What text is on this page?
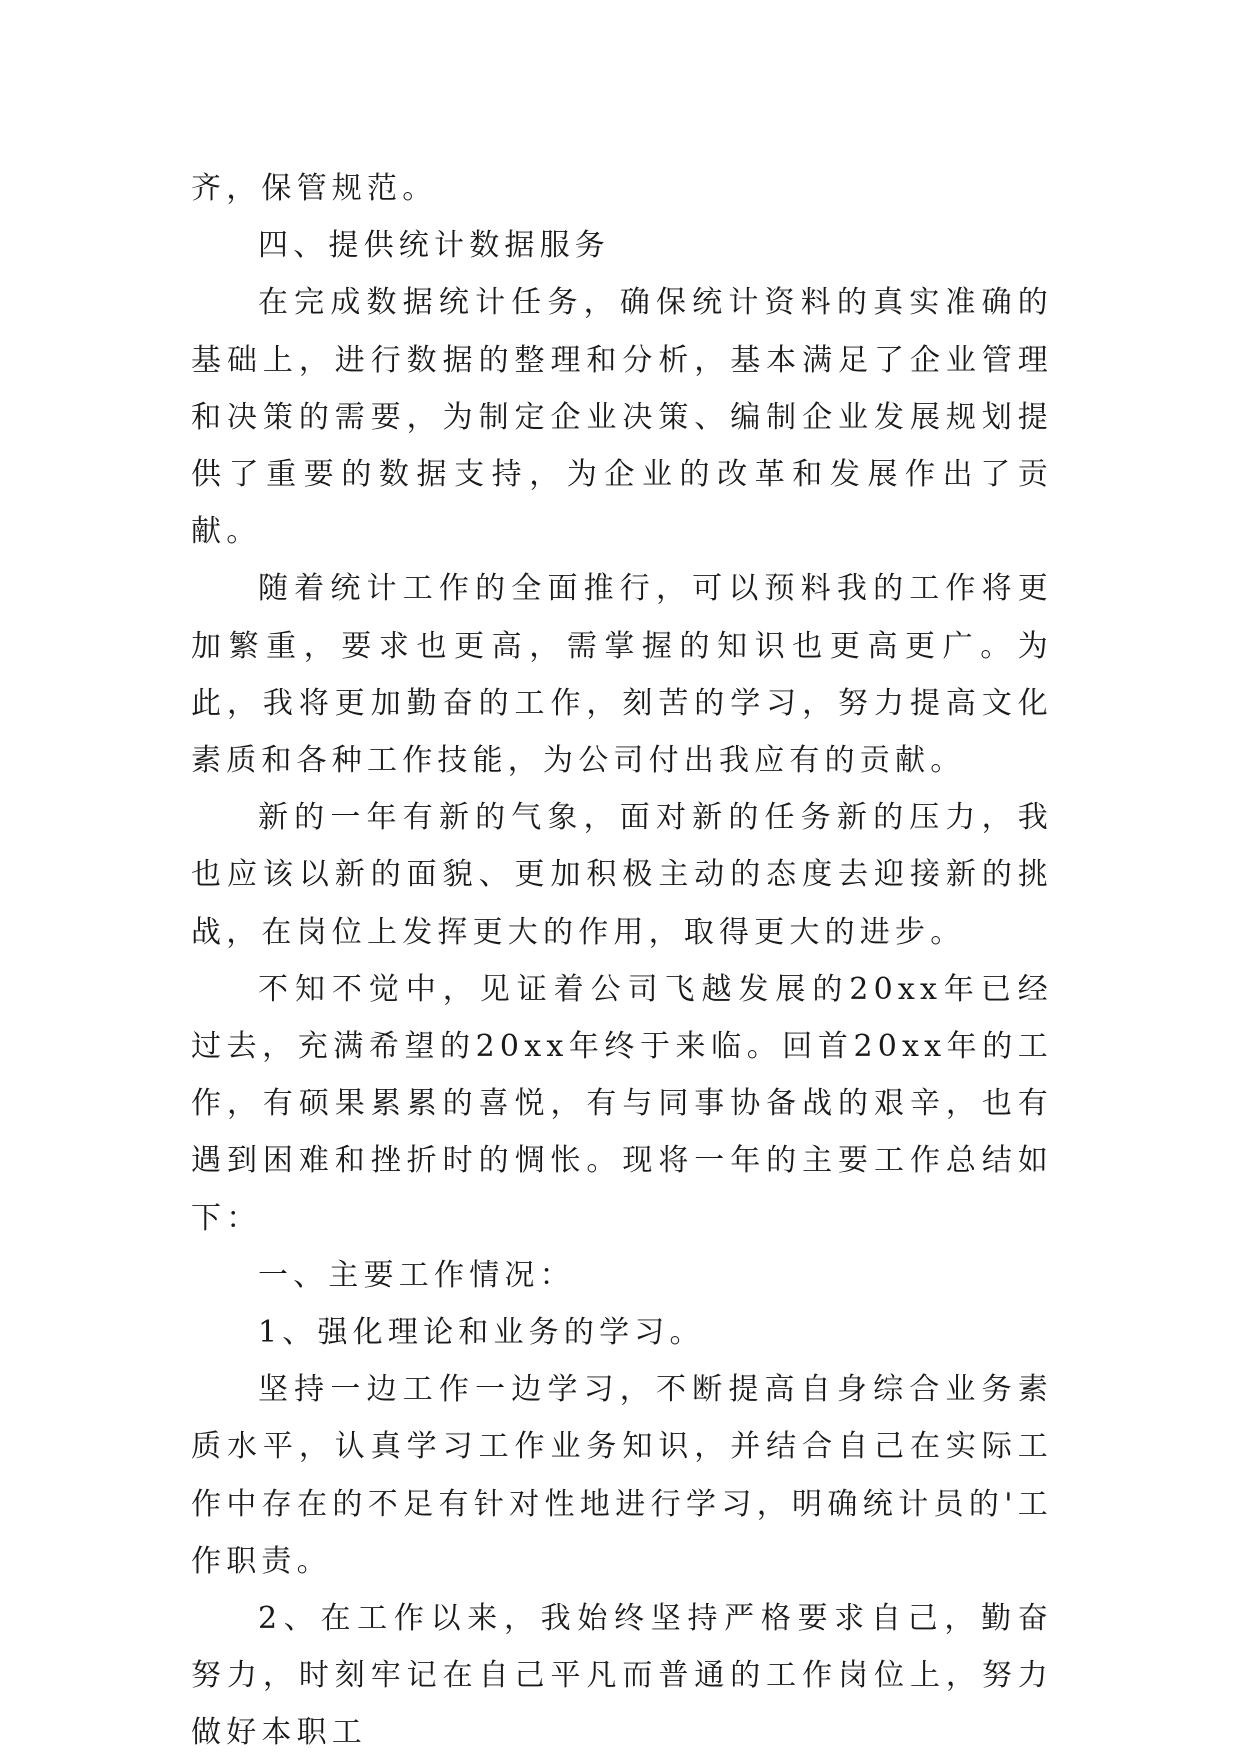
齐，保管规范。

四、提供统计数据服务

在完成数据统计任务，确保统计资料的真实准确的基础上，进行数据的整理和分析，基本满足了企业管理和决策的需要，为制定企业决策、编制企业发展规划提供了重要的数据支持，为企业的改革和发展作出了贡献。

随着统计工作的全面推行，可以预料我的工作将更加繁重，要求也更高，需掌握的知识也更高更广。为此，我将更加勤奋的工作，刻苦的学习，努力提高文化素质和各种工作技能，为公司付出我应有的贡献。

新的一年有新的气象，面对新的任务新的压力，我也应该以新的面貌、更加积极主动的态度去迎接新的挑战，在岗位上发挥更大的作用，取得更大的进步。

不知不觉中，见证着公司飞越发展的20xx年已经过去，充满希望的20xx年终于来临。回首20xx年的工作，有硕果累累的喜悦，有与同事协备战的艰辛，也有遇到困难和挫折时的惆怅。现将一年的主要工作总结如下：

一、主要工作情况：

1、强化理论和业务的学习。

坚持一边工作一边学习，不断提高自身综合业务素质水平，认真学习工作业务知识，并结合自己在实际工作中存在的不足有针对性地进行学习，明确统计员的'工作职责。

2、在工作以来，我始终坚持严格要求自己，勤奋努力，时刻牢记在自己平凡而普通的工作岗位上，努力做好本职工
